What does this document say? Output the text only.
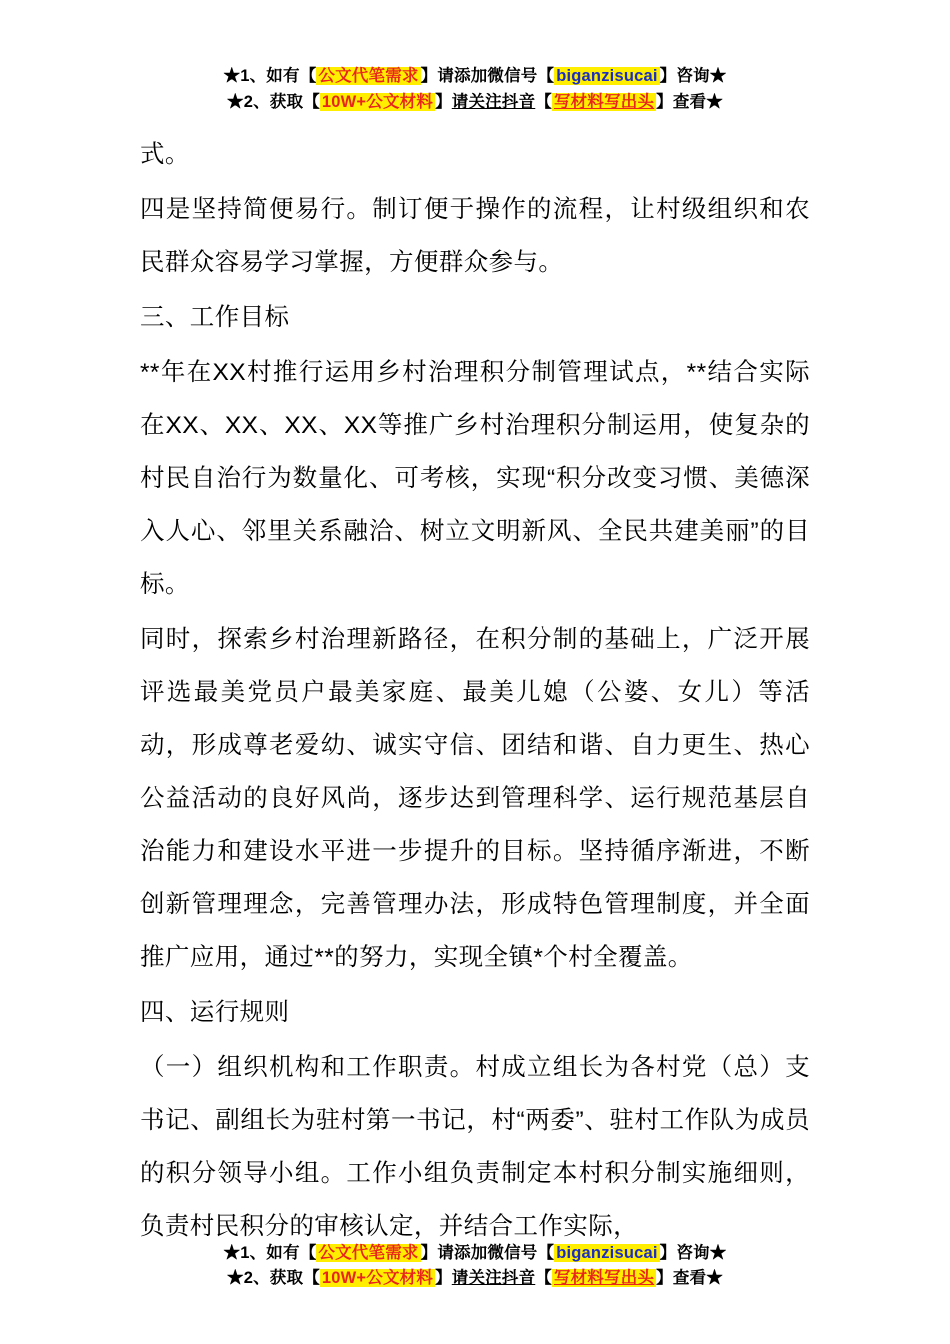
★1、如有【 公文代笔需求 】请添加微信号【 biganzisucai 】咨询★
★2、获取【 10W+公文材料 】请关注抖音【 写材料写出头 】查看★

式。

四是坚持简便易行。制订便于操作的流程，让村级组织和农民群众容易学习掌握，方便群众参与。

三、工作目标

**年在XX村推行运用乡村治理积分制管理试点，**结合实际在XX、XX、XX、XX等推广乡村治理积分制运用，使复杂的村民自治行为数量化、可考核，实现“积分改变习惯、美德深入人心、邻里关系融洽、树立文明新风、全民共建美丽”的目标。

同时，探索乡村治理新路径，在积分制的基础上，广泛开展评选最美党员户最美家庭、最美儿媳（公婆、女儿）等活动，形成尊老爱幼、诚实守信、团结和谐、自力更生、热心公益活动的良好风尚，逐步达到管理科学、运行规范基层自治能力和建设水平进一步提升的目标。坚持循序渐进，不断创新管理理念，完善管理办法，形成特色管理制度，并全面推广应用，通过**的努力，实现全镇*个村全覆盖。

四、运行规则

（一）组织机构和工作职责。村成立组长为各村党（总）支书记、副组长为驻村第一书记，村“两委”、驻村工作队为成员的积分领导小组。工作小组负责制定本村积分制实施细则，负责村民积分的审核认定，并结合工作实际，

★1、如有【 公文代笔需求 】请添加微信号【 biganzisucai 】咨询★
★2、获取【 10W+公文材料 】请关注抖音【 写材料写出头 】查看★
